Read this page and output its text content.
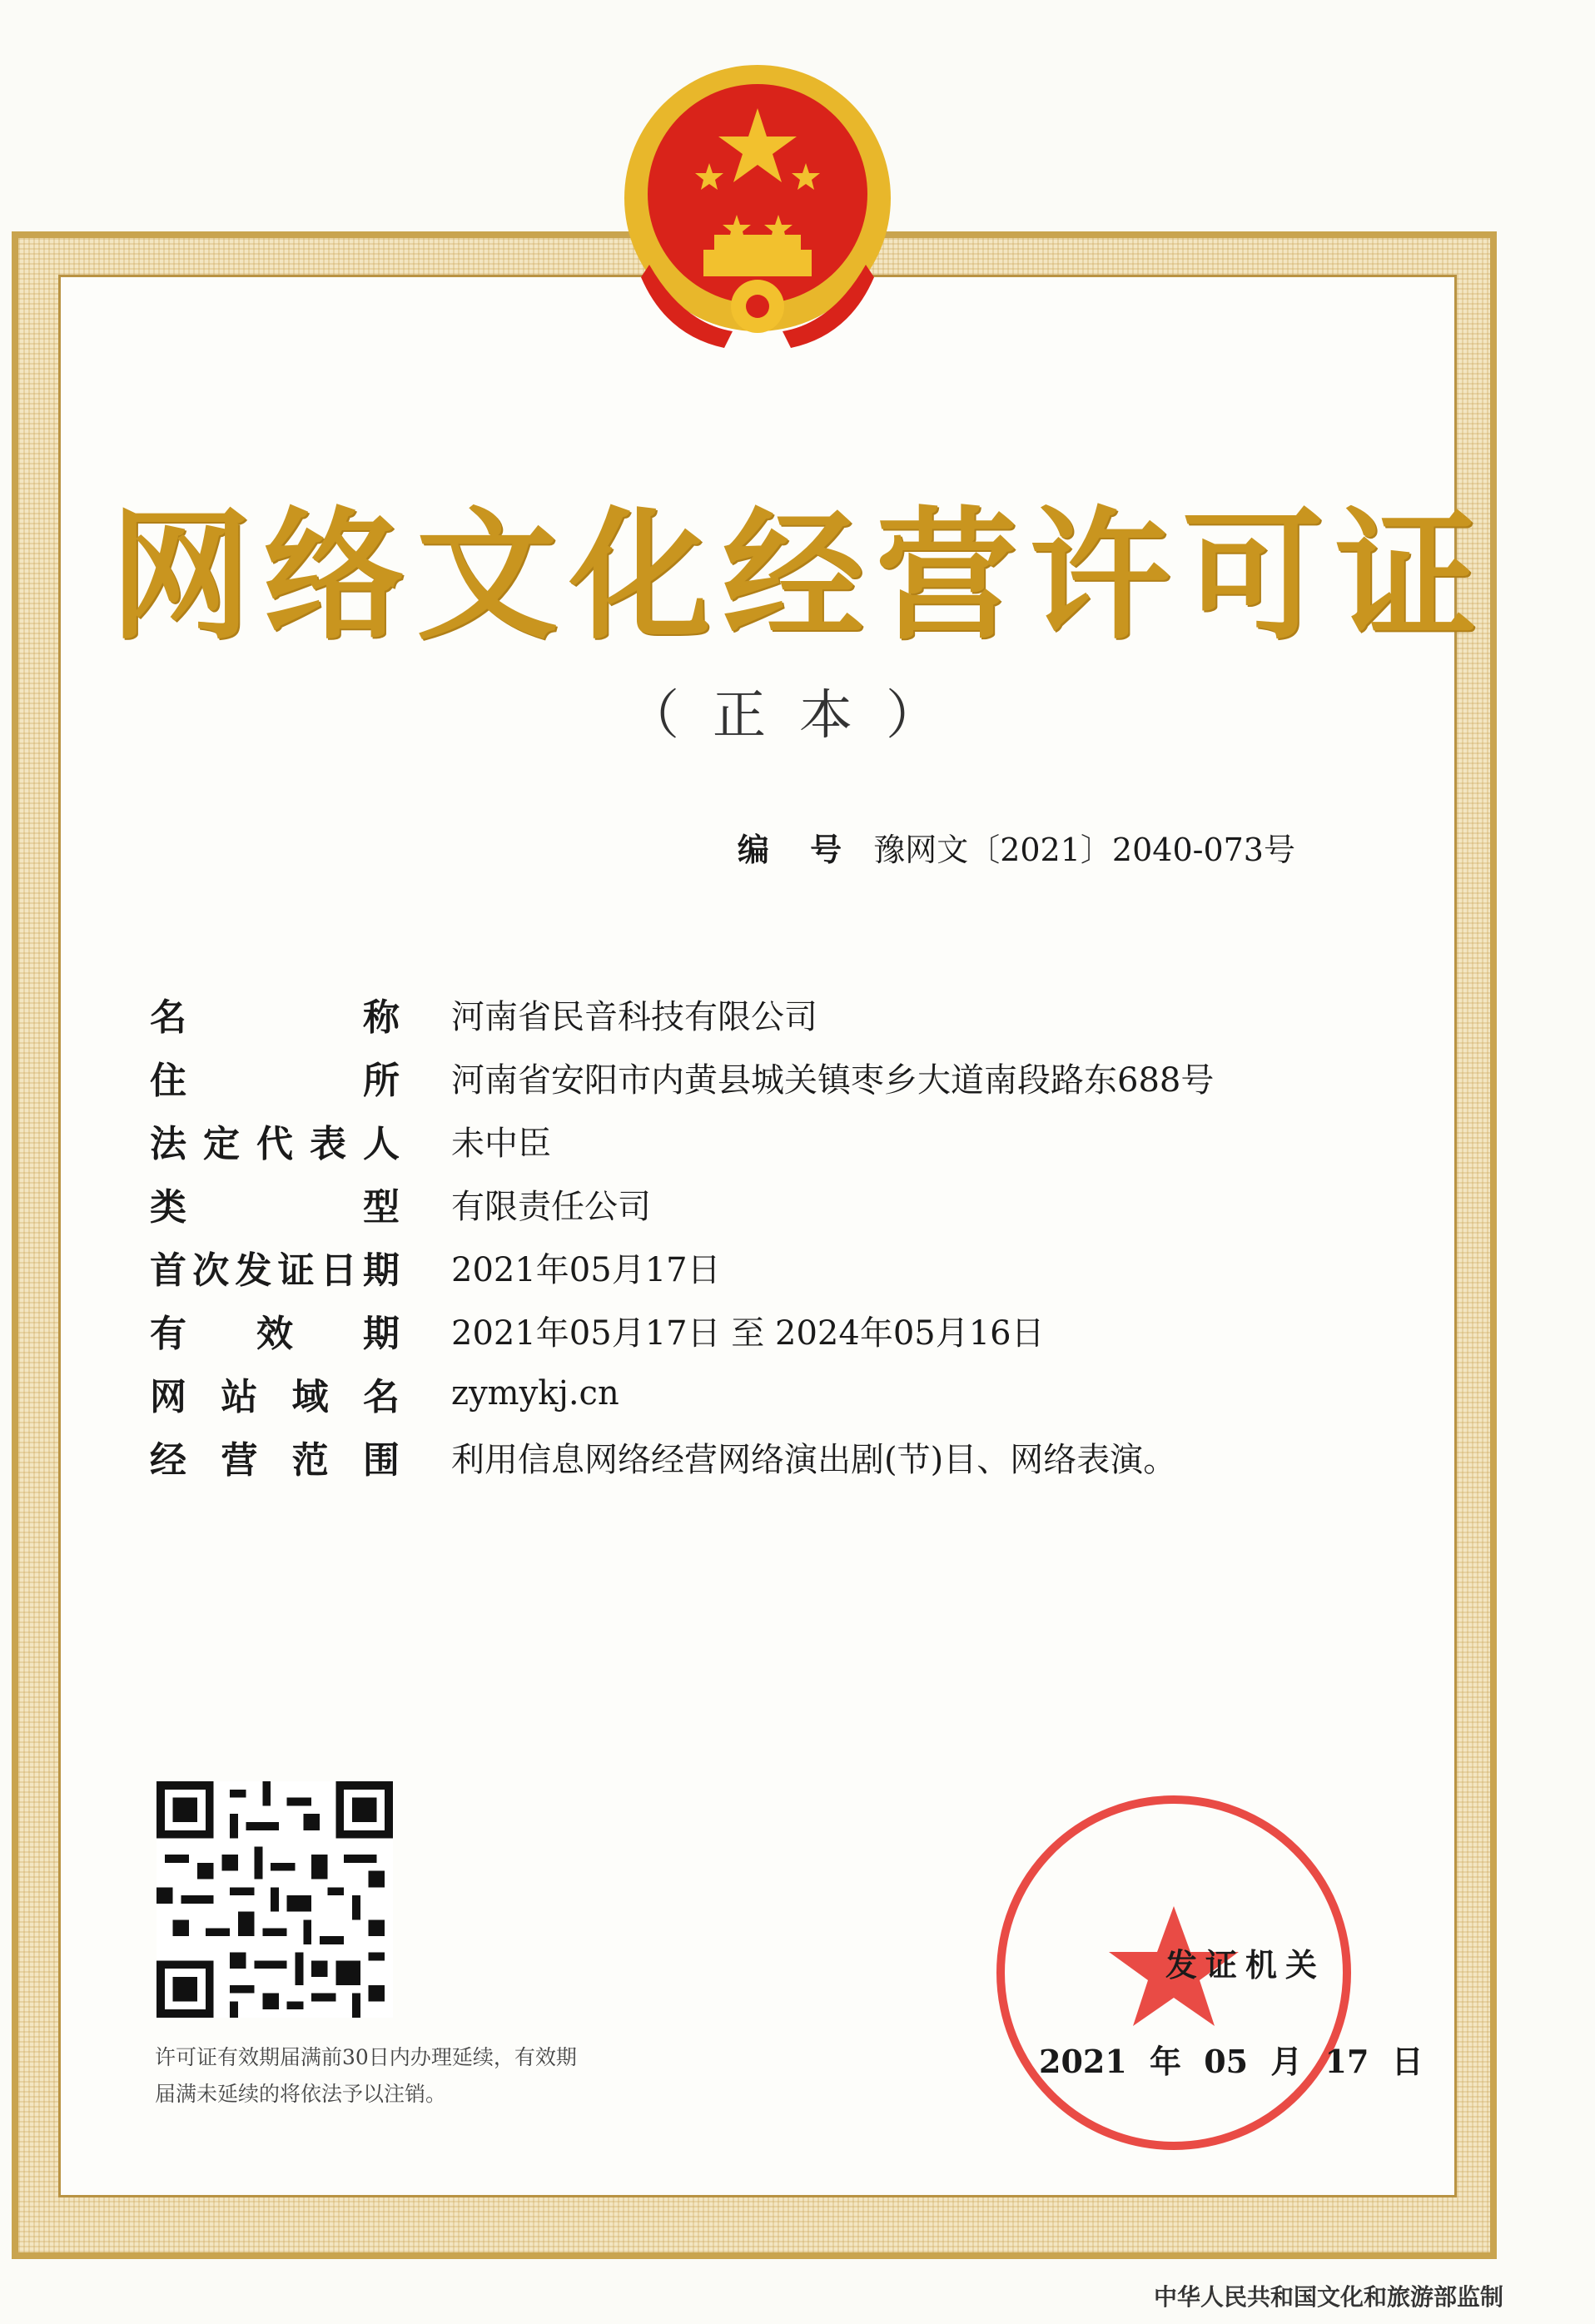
网络文化经营许可证
（正本）
编 号 豫网文〔2021〕2040-073号
名	称 河南省民音科技有限公司
住	所 河南省安阳市内黄县城关镇枣乡大道南段路东688号
法 定 代 表 人 未中臣
类	型 有限责任公司
首 次 发 证 日 期 2021年05月17日
有 效 期 2021年05月17日 至 2024年05月16日
网 站 域 名 zymykj.cn
经 营 范 围 利用信息网络经营网络演出剧(节)目、网络表演。
许可证有效期届满前30日内办理延续，有效期届满未延续的将依法予以注销。
发证机关
2021 年 05 月 17 日
中华人民共和国文化和旅游部监制
